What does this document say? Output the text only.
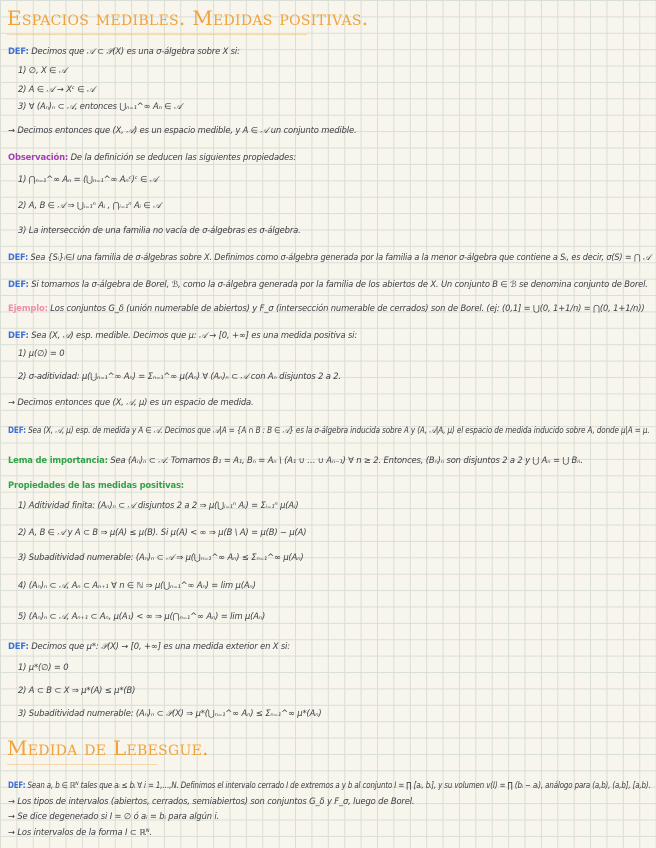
Espacios medibles. Medidas positivas.
DEF: Decimos que 𝒜 ⊂ 𝒫(X) es una σ-álgebra sobre X si:
1) ∅, X ∈ 𝒜
2) A ∈ 𝒜 → Xᶜ ∈ 𝒜
3) ∀ (Aₙ)ₙ ⊂ 𝒜, entonces ⋃ₙ₌₁^∞ Aₙ ∈ 𝒜
→ Decimos entonces que (X, 𝒜) es un espacio medible, y A ∈ 𝒜 un conjunto medible.
Observación: De la definición se deducen las siguientes propiedades:
1) ⋂ₙ₌₁^∞ Aₙ = (⋃ₙ₌₁^∞ Aₙᶜ)ᶜ ∈ 𝒜
2) A, B ∈ 𝒜 ⇒ ⋃ᵢ₌₁ⁿ Aᵢ , ⋂ᵢ₌₁ⁿ Aᵢ ∈ 𝒜
3) La intersección de una familia no vacía de σ-álgebras es σ-álgebra.
DEF: Sea {Sᵢ}ᵢ∈I una familia de σ-álgebras sobre X. Definimos como σ-álgebra generada por la familia a la menor σ-álgebra que contiene a Sᵢ, es decir, σ(S) = ⋂ 𝒜
DEF: Si tomamos la σ-álgebra de Borel, ℬ, como la σ-álgebra generada por la familia de los abiertos de X. Un conjunto B ∈ ℬ se denomina conjunto de Borel.
Ejemplo: Los conjuntos G_δ (unión numerable de abiertos) y F_σ (intersección numerable de cerrados) son de Borel. (ej: (0,1] = ⋃(0, 1+1/n) = ⋂(0, 1+1/n))
DEF: Sea (X, 𝒜) esp. medible. Decimos que μ: 𝒜 → [0, +∞] es una medida positiva si:
1) μ(∅) = 0
2) σ-aditividad: μ(⋃ₙ₌₁^∞ Aₙ) = Σₙ₌₁^∞ μ(Aₙ) ∀ (Aₙ)ₙ ⊂ 𝒜 con Aₙ disjuntos 2 a 2.
→ Decimos entonces que (X, 𝒜, μ) es un espacio de medida.
DEF: Sea (X, 𝒜, μ) esp. de medida y A ∈ 𝒜. Decimos que 𝒜|A = {A ∩ B : B ∈ 𝒜} es la σ-álgebra inducida sobre A y (A, 𝒜|A, μ) el espacio de medida inducido sobre A, donde μ|A = μ.
Lema de importancia: Sea (Aₙ)ₙ ⊂ 𝒜. Tomamos B₁ = A₁, Bₙ = Aₙ \ (A₁ ∪ … ∪ Aₙ₋₁) ∀ n ≥ 2. Entonces, (Bₙ)ₙ son disjuntos 2 a 2 y ⋃ Aₙ = ⋃ Bₙ.
Propiedades de las medidas positivas:
1) Aditividad finita: (Aₙ)ₙ ⊂ 𝒜 disjuntos 2 a 2 ⇒ μ(⋃ᵢ₌₁ⁿ Aᵢ) = Σᵢ₌₁ⁿ μ(Aᵢ)
2) A, B ∈ 𝒜 y A ⊂ B ⇒ μ(A) ≤ μ(B). Si μ(A) < ∞ ⇒ μ(B \ A) = μ(B) − μ(A)
3) Subaditividad numerable: (Aₙ)ₙ ⊂ 𝒜 ⇒ μ(⋃ₙ₌₁^∞ Aₙ) ≤ Σₙ₌₁^∞ μ(Aₙ)
4) (Aₙ)ₙ ⊂ 𝒜, Aₙ ⊂ Aₙ₊₁ ∀ n ∈ ℕ ⇒ μ(⋃ₙ₌₁^∞ Aₙ) = lim μ(Aₙ)
5) (Aₙ)ₙ ⊂ 𝒜, Aₙ₊₁ ⊂ Aₙ, μ(A₁) < ∞ ⇒ μ(⋂ₙ₌₁^∞ Aₙ) = lim μ(Aₙ)
DEF: Decimos que μ*: 𝒫(X) → [0, +∞] es una medida exterior en X si:
1) μ*(∅) = 0
2) A ⊂ B ⊂ X ⇒ μ*(A) ≤ μ*(B)
3) Subaditividad numerable: (Aₙ)ₙ ⊂ 𝒫(X) ⇒ μ*(⋃ₙ₌₁^∞ Aₙ) ≤ Σₙ₌₁^∞ μ*(Aₙ)
Medida de Lebesgue.
DEF: Sean a, b ∈ ℝᴺ tales que aᵢ ≤ bᵢ ∀ i = 1,…,N. Definimos el intervalo cerrado I de extremos a y b al conjunto I = ∏ [aᵢ, bᵢ], y su volumen v(I) = ∏ (bᵢ − aᵢ), análogo para (a,b), (a,b], [a,b).
→ Los tipos de intervalos (abiertos, cerrados, semiabiertos) son conjuntos G_δ y F_σ, luego de Borel.
→ Se dice degenerado si I = ∅ ó aᵢ = bᵢ para algún i.
→ Los intervalos de la forma I ⊂ ℝᴺ.
